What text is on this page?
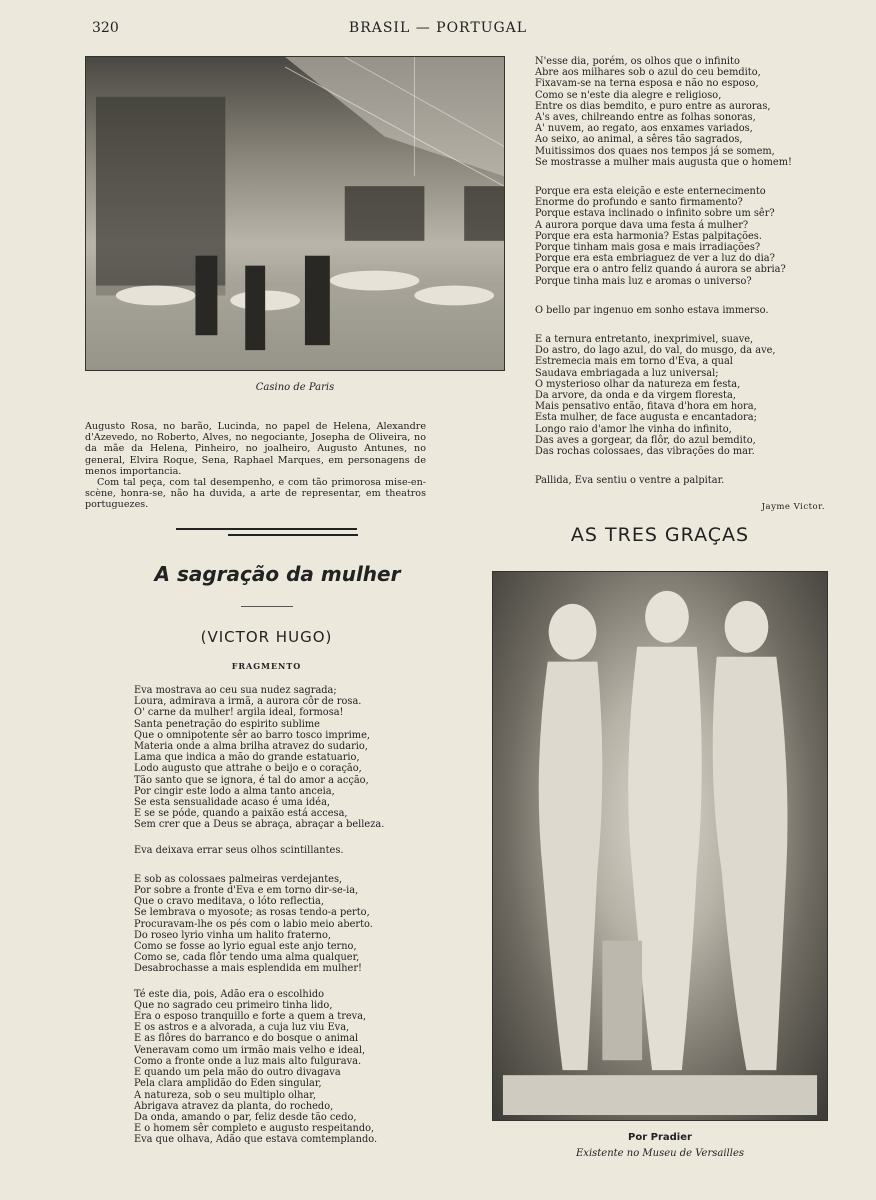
320	BRASIL — PORTUGAL
Casino de Paris
Augusto Rosa, no barão, Lucinda, no papel de Helena, Alexandre d'Azevedo, no Roberto, Alves, no negociante, Josepha de Oliveira, no da mãe da Helena, Pinheiro, no joalheiro, Augusto Antunes, no general, Elvira Roque, Sena, Raphael Marques, em personagens de menos importancia.
Com tal peça, com tal desempenho, e com tão primorosa mise-en-scène, honra-se, não ha duvida, a arte de representar, em theatros portuguezes.
A sagração da mulher
(VICTOR HUGO)
FRAGMENTO
Eva mostrava ao ceu sua nudez sagrada;
Loura, admirava a irmã, a aurora côr de rosa.
O' carne da mulher! argila ideal, formosa!
Santa penetração do espirito sublime
Que o omnipotente sêr ao barro tosco imprime,
Materia onde a alma brilha atravez do sudario,
Lama que indica a mão do grande estatuario,
Lodo augusto que attrahe o beijo e o coração,
Tão santo que se ignora, é tal do amor a acção,
Por cingir este lodo a alma tanto anceia,
Se esta sensualidade acaso é uma idéa,
E se se póde, quando a paixão está accesa,
Sem crer que a Deus se abraça, abraçar a belleza.
Eva deixava errar seus olhos scintillantes.
E sob as colossaes palmeiras verdejantes,
Por sobre a fronte d'Eva e em torno dir-se-ia,
Que o cravo meditava, o lóto reflectia,
Se lembrava o myosote; as rosas tendo-a perto,
Procuravam-lhe os pés com o labio meio aberto.
Do roseo lyrio vinha um halito fraterno,
Como se fosse ao lyrio egual este anjo terno,
Como se, cada flôr tendo uma alma qualquer,
Desabrochasse a mais esplendida em mulher!
Té este dia, pois, Adão era o escolhido
Que no sagrado ceu primeiro tinha lido,
Era o esposo tranquillo e forte a quem a treva,
E os astros e a alvorada, a cuja luz viu Eva,
E as flôres do barranco e do bosque o animal
Veneravam como um irmão mais velho e ideal,
Como a fronte onde a luz mais alto fulgurava.
E quando um pela mão do outro divagava
Pela clara amplidão do Eden singular,
A natureza, sob o seu multiplo olhar,
Abrigava atravez da planta, do rochedo,
Da onda, amando o par, feliz desde tão cedo,
E o homem sêr completo e augusto respeitando,
Eva que olhava, Adão que estava comtemplando.
N'esse dia, porém, os olhos que o infinito
Abre aos milhares sob o azul do ceu bemdito,
Fixavam-se na terna esposa e não no esposo,
Como se n'este dia alegre e religioso,
Entre os dias bemdito, e puro entre as auroras,
A's aves, chilreando entre as folhas sonoras,
A' nuvem, ao regato, aos enxames variados,
Ao seixo, ao animal, a sêres tão sagrados,
Muitissimos dos quaes nos tempos já se somem,
Se mostrasse a mulher mais augusta que o homem!
Porque era esta eleição e este enternecimento
Enorme do profundo e santo firmamento?
Porque estava inclinado o infinito sobre um sêr?
A aurora porque dava uma festa á mulher?
Porque era esta harmonia? Estas palpitações.
Porque tinham mais gosa e mais irradiações?
Porque era esta embriaguez de ver a luz do dia?
Porque era o antro feliz quando á aurora se abria?
Porque tinha mais luz e aromas o universo?
O bello par ingenuo em sonho estava immerso.
E a ternura entretanto, inexprimivel, suave,
Do astro, do lago azul, do val, do musgo, da ave,
Estremecia mais em torno d'Eva, a qual
Saudava embriagada a luz universal;
O mysterioso olhar da natureza em festa,
Da arvore, da onda e da virgem floresta,
Mais pensativo então, fitava d'hora em hora,
Esta mulher, de face augusta e encantadora;
Longo raio d'amor lhe vinha do infinito,
Das aves a gorgear, da flôr, do azul bemdito,
Das rochas colossaes, das vibrações do mar.
Pallida, Eva sentiu o ventre a palpitar.
Jayme Victor.
AS TRES GRAÇAS
Por Pradier
Existente no Museu de Versailles
